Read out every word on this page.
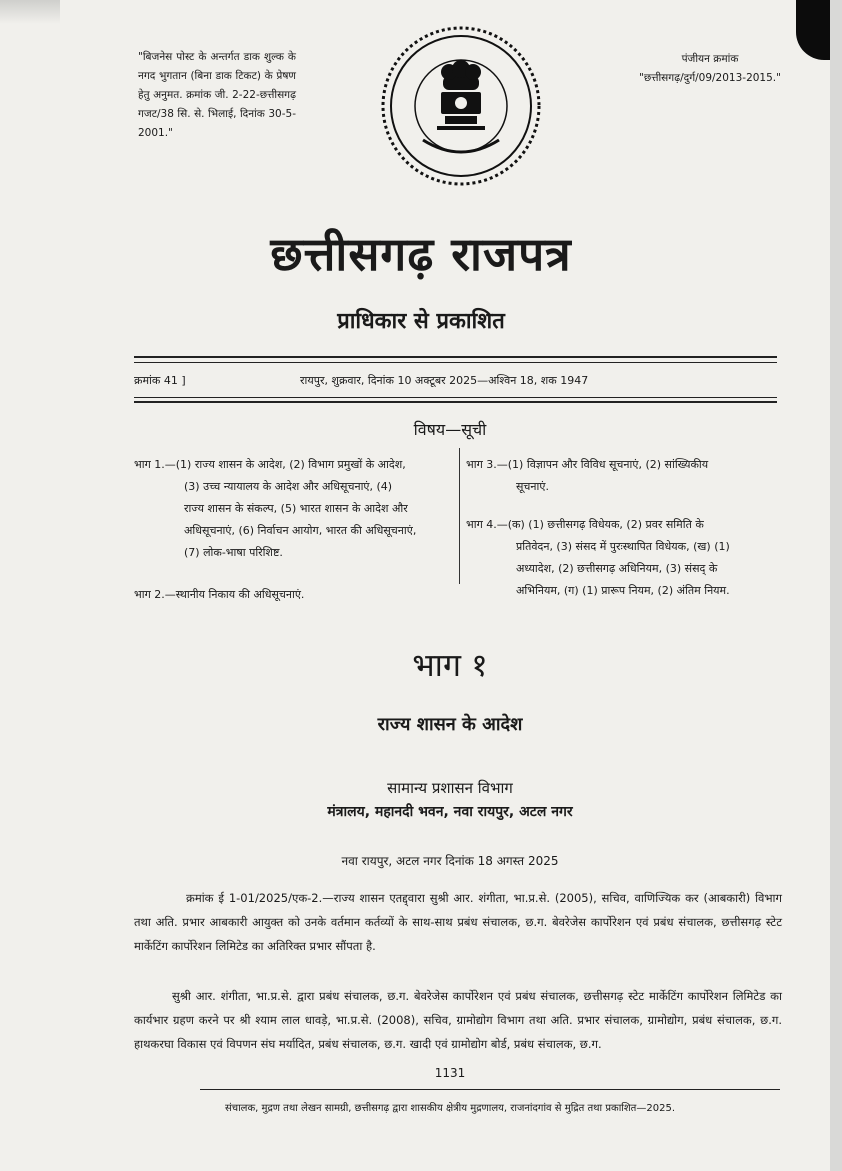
"बिजनेस पोस्ट के अन्तर्गत डाक शुल्क के नगद भुगतान (बिना डाक टिकट) के प्रेषण हेतु अनुमत. क्रमांक जी. 2-22-छत्तीसगढ़ गजट/38 सि. से. भिलाई, दिनांक 30-5-2001."
पंजीयन क्रमांक
"छत्तीसगढ़/दुर्ग/09/2013-2015."
छत्तीसगढ़ राजपत्र
प्राधिकार से प्रकाशित
क्रमांक 41 ]	रायपुर, शुक्रवार, दिनांक 10 अक्टूबर 2025—अश्विन 18, शक 1947
विषय—सूची
भाग 1.—(1) राज्य शासन के आदेश, (2) विभाग प्रमुखों के आदेश,
(3) उच्च न्यायालय के आदेश और अधिसूचनाएं, (4)
राज्य शासन के संकल्प, (5) भारत शासन के आदेश और
अधिसूचनाएं, (6) निर्वाचन आयोग, भारत की अधिसूचनाएं,
(7) लोक-भाषा परिशिष्ट.
भाग 2.—स्थानीय निकाय की अधिसूचनाएं.
भाग 3.—(1) विज्ञापन और विविध सूचनाएं, (2) सांख्यिकीय
सूचनाएं.
भाग 4.—(क) (1) छत्तीसगढ़ विधेयक, (2) प्रवर समिति के
प्रतिवेदन, (3) संसद में पुरःस्थापित विधेयक, (ख) (1)
अध्यादेश, (2) छत्तीसगढ़ अधिनियम, (3) संसद् के
अभिनियम, (ग) (1) प्रारूप नियम, (2) अंतिम नियम.
भाग १
राज्य शासन के आदेश
सामान्य प्रशासन विभाग
मंत्रालय, महानदी भवन, नवा रायपुर, अटल नगर
नवा रायपुर, अटल नगर दिनांक 18 अगस्त 2025
क्रमांक ई 1-01/2025/एक-2.—राज्य शासन एतद्द्वारा सुश्री आर. शंगीता, भा.प्र.से. (2005), सचिव, वाणिज्यिक कर (आबकारी) विभाग तथा अति. प्रभार आबकारी आयुक्त को उनके वर्तमान कर्तव्यों के साथ-साथ प्रबंध संचालक, छ.ग. बेवरेजेस कार्पोरेशन एवं प्रबंध संचालक, छत्तीसगढ़ स्टेट मार्केटिंग कार्पोरेशन लिमिटेड का अतिरिक्त प्रभार सौंपता है.
सुश्री आर. शंगीता, भा.प्र.से. द्वारा प्रबंध संचालक, छ.ग. बेवरेजेस कार्पोरेशन एवं प्रबंध संचालक, छत्तीसगढ़ स्टेट मार्केटिंग कार्पोरेशन लिमिटेड का कार्यभार ग्रहण करने पर श्री श्याम लाल धावड़े, भा.प्र.से. (2008), सचिव, ग्रामोद्योग विभाग तथा अति. प्रभार संचालक, ग्रामोद्योग, प्रबंध संचालक, छ.ग. हाथकरघा विकास एवं विपणन संघ मर्यादित, प्रबंध संचालक, छ.ग. खादी एवं ग्रामोद्योग बोर्ड, प्रबंध संचालक, छ.ग.
1131
संचालक, मुद्रण तथा लेखन सामग्री, छत्तीसगढ़ द्वारा शासकीय क्षेत्रीय मुद्रणालय, राजनांदगांव से मुद्रित तथा प्रकाशित—2025.
